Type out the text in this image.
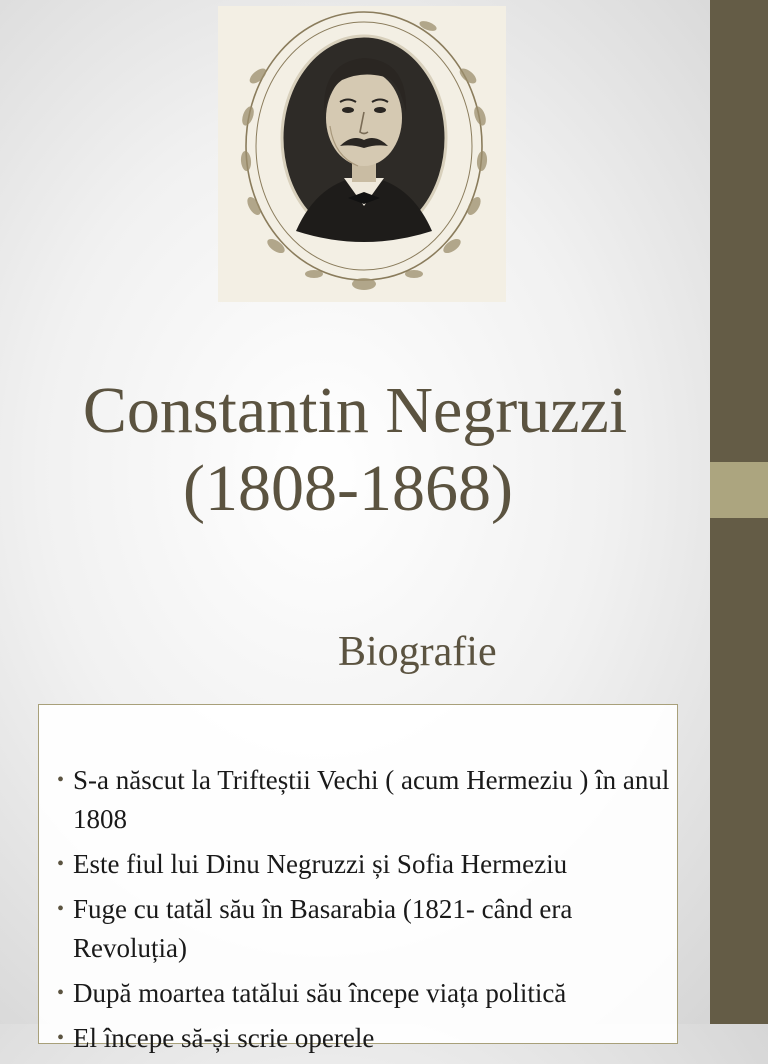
Constantin Negruzzi
(1808-1868)
Biografie
• S-a născut la Trifteștii Vechi ( acum Hermeziu ) în anul 1808
• Este fiul lui Dinu Negruzzi și Sofia Hermeziu
• Fuge cu tatăl său în Basarabia (1821- când era Revoluția)
• După moartea tatălui său începe viața politică
• El începe să-și scrie operele
